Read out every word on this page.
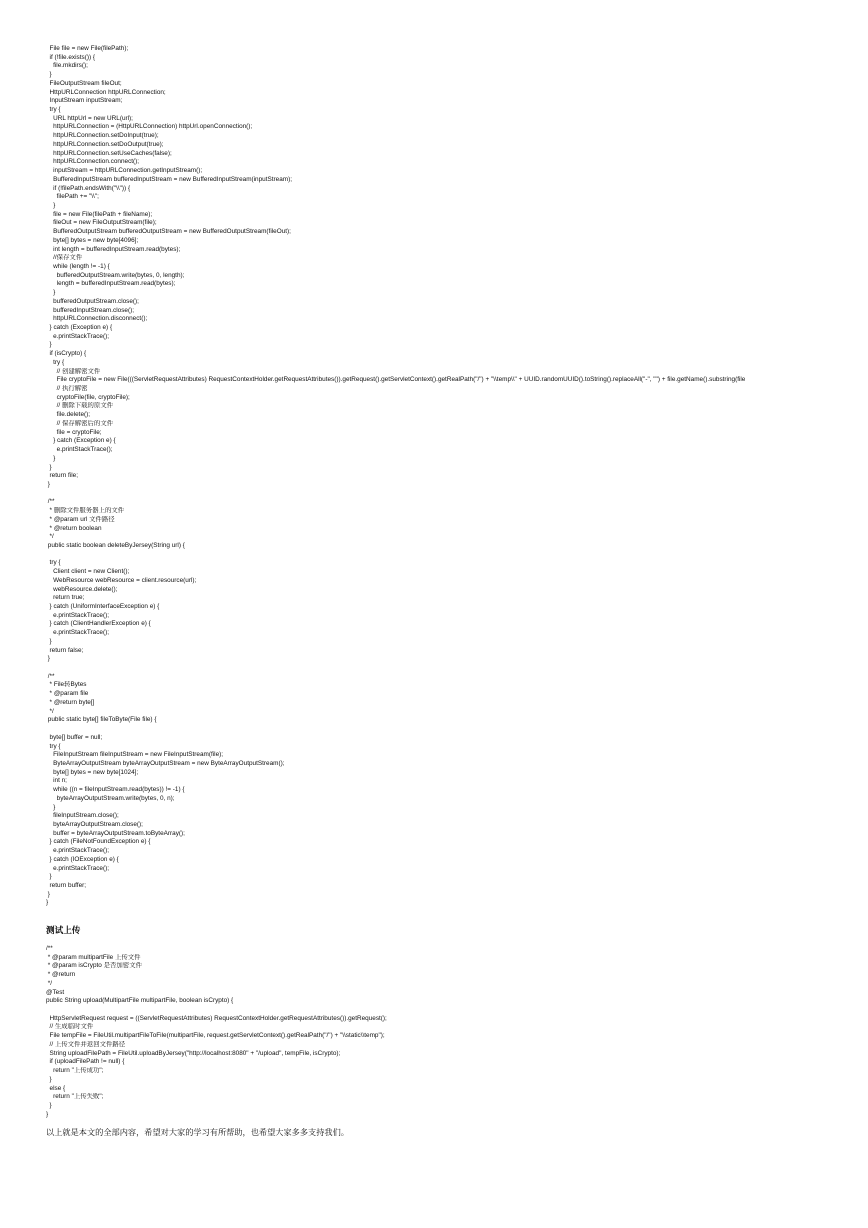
File file = new File(filePath);
if (!file.exists()) {
file.mkdirs();
}
FileOutputStream fileOut;
HttpURLConnection httpURLConnection;
InputStream inputStream;
try {
URL httpUrl = new URL(url);
httpURLConnection = (HttpURLConnection) httpUrl.openConnection();
httpURLConnection.setDoInput(true);
httpURLConnection.setDoOutput(true);
httpURLConnection.setUseCaches(false);
httpURLConnection.connect();
inputStream = httpURLConnection.getInputStream();
BufferedInputStream bufferedInputStream = new BufferedInputStream(inputStream);
if (!filePath.endsWith("\\")) {
filePath += "\\";
}
file = new File(filePath + fileName);
fileOut = new FileOutputStream(file);
BufferedOutputStream bufferedOutputStream = new BufferedOutputStream(fileOut);
byte[] bytes = new byte[4096];
int length = bufferedInputStream.read(bytes);
//保存文件
while (length != -1) {
bufferedOutputStream.write(bytes, 0, length);
length = bufferedInputStream.read(bytes);
}
bufferedOutputStream.close();
bufferedInputStream.close();
httpURLConnection.disconnect();
} catch (Exception e) {
e.printStackTrace();
}
if (isCrypto) {
try {
// 创建解密文件
File cryptoFile = new File(((ServletRequestAttributes) RequestContextHolder.getRequestAttributes()).getRequest().getServletContext().getRealPath("/") + "\\temp\\" + UUID.randomUUID().toString().replaceAll("-", "") + file.getName().substring(file
// 执行解密
cryptoFile(file, cryptoFile);
// 删除下载的原文件
file.delete();
// 保存解密后的文件
file = cryptoFile;
} catch (Exception e) {
e.printStackTrace();
}
}
return file;
}
/**
* 删除文件服务器上的文件
* @param url 文件路径
* @return boolean
*/
public static boolean deleteByJersey(String url) {
try {
Client client = new Client();
WebResource webResource = client.resource(url);
webResource.delete();
return true;
} catch (UniformInterfaceException e) {
e.printStackTrace();
} catch (ClientHandlerException e) {
e.printStackTrace();
}
return false;
}
/**
* File转Bytes
* @param file
* @return byte[]
*/
public static byte[] fileToByte(File file) {
byte[] buffer = null;
try {
FileInputStream fileInputStream = new FileInputStream(file);
ByteArrayOutputStream byteArrayOutputStream = new ByteArrayOutputStream();
byte[] bytes = new byte[1024];
int n;
while ((n = fileInputStream.read(bytes)) != -1) {
byteArrayOutputStream.write(bytes, 0, n);
}
fileInputStream.close();
byteArrayOutputStream.close();
buffer = byteArrayOutputStream.toByteArray();
} catch (FileNotFoundException e) {
e.printStackTrace();
} catch (IOException e) {
e.printStackTrace();
}
return buffer;
}
}
测试上传
/**
* @param multipartFile 上传文件
* @param isCrypto 是否加密文件
* @return
*/
@Test
public String upload(MultipartFile multipartFile, boolean isCrypto) {
HttpServletRequest request = ((ServletRequestAttributes) RequestContextHolder.getRequestAttributes()).getRequest();
// 生成临时文件
File tempFile = FileUtil.multipartFileToFile(multipartFile, request.getServletContext().getRealPath("/") + "\\static\\temp");
// 上传文件并返回文件路径
String uploadFilePath = FileUtil.uploadByJersey("http://localhost:8080" + "/upload", tempFile, isCrypto);
if (uploadFilePath != null) {
return "上传成功";
}
else {
return "上传失败";
}
}
以上就是本文的全部内容，希望对大家的学习有所帮助，也希望大家多多支持我们。
